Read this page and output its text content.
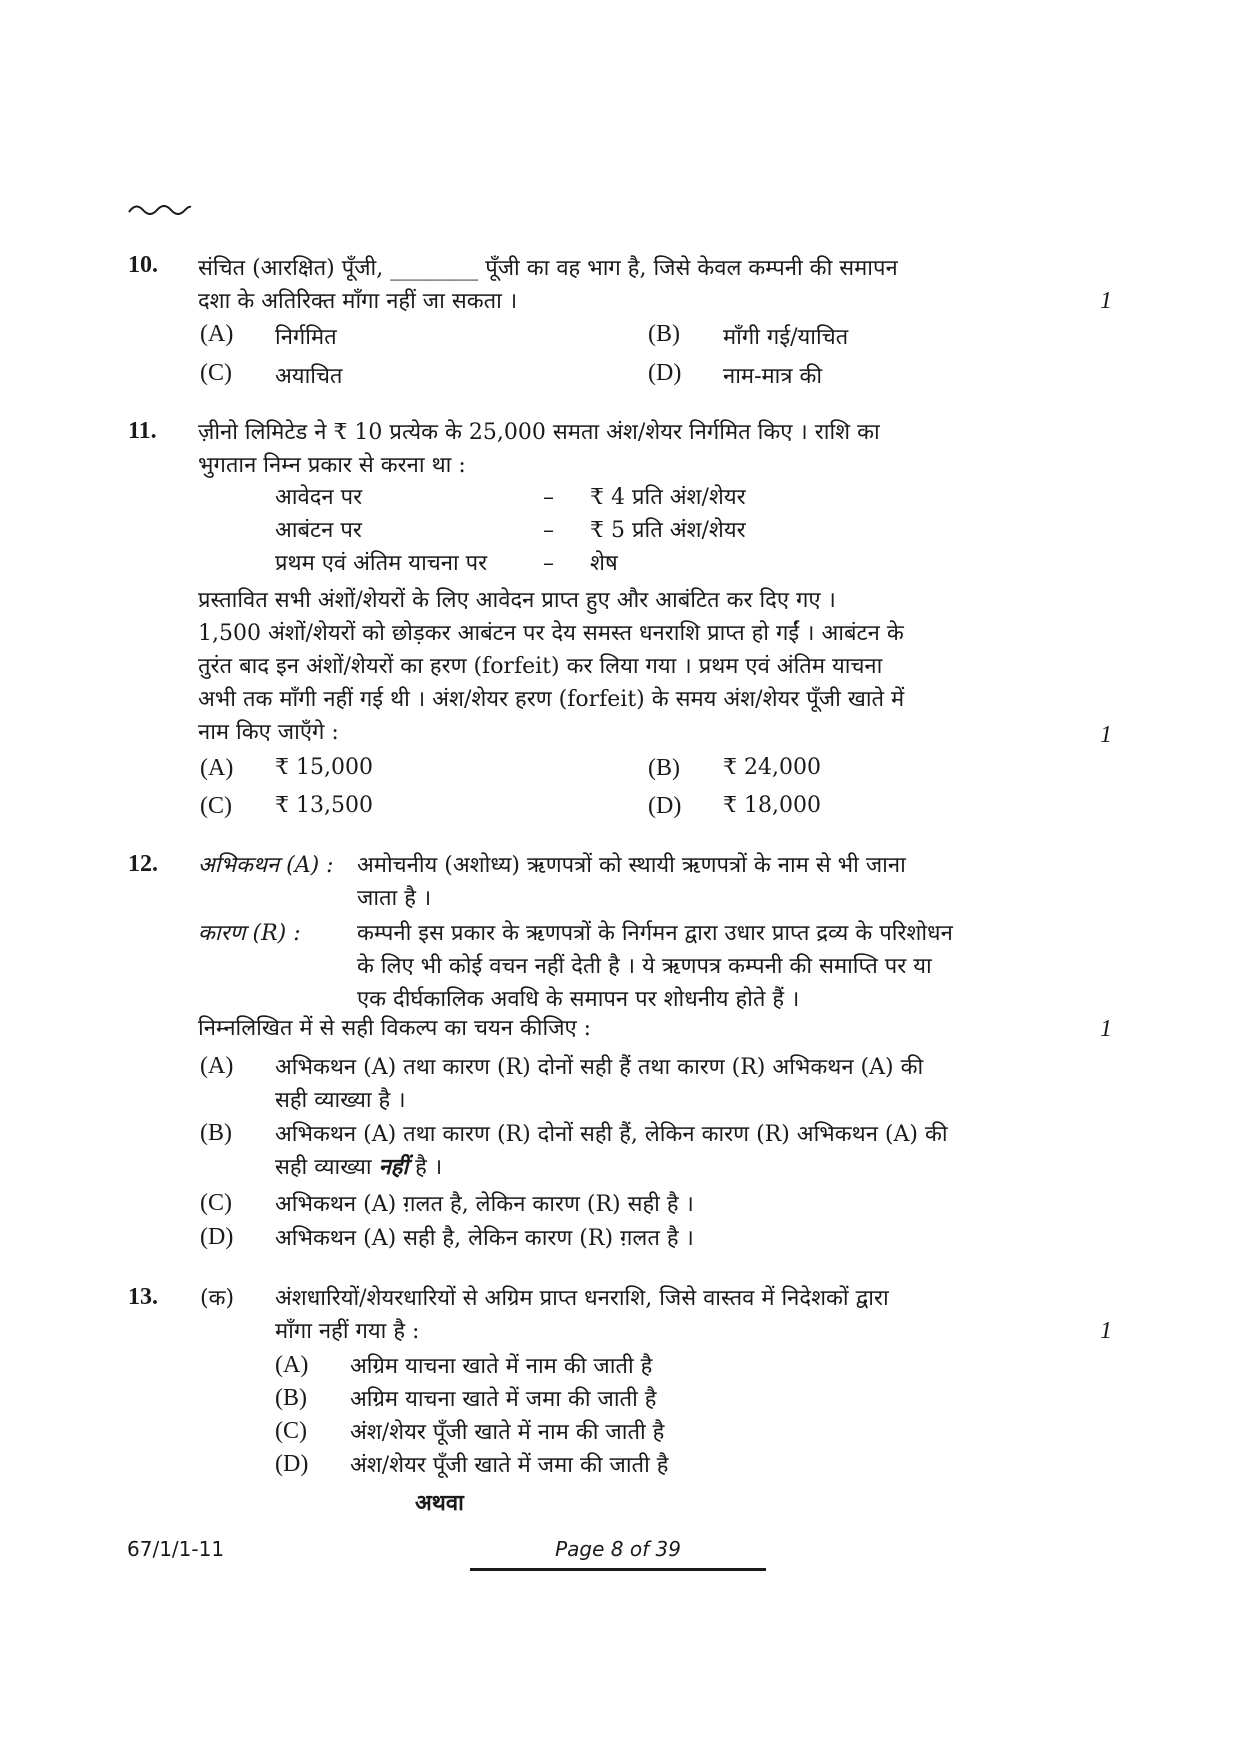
10. संचित (आरक्षित) पूँजी, ________ पूँजी का वह भाग है, जिसे केवल कम्पनी की समापन
दशा के अतिरिक्त माँगा नहीं जा सकता ।	1
(A) निर्गमित	(B) माँगी गई/याचित
(C) अयाचित	(D) नाम-मात्र की
11. ज़ीनो लिमिटेड ने ₹ 10 प्रत्येक के 25,000 समता अंश/शेयर निर्गमित किए । राशि का
भुगतान निम्न प्रकार से करना था :
आवेदन पर	– ₹ 4 प्रति अंश/शेयर
आबंटन पर	– ₹ 5 प्रति अंश/शेयर
प्रथम एवं अंतिम याचना पर	– शेष
प्रस्तावित सभी अंशों/शेयरों के लिए आवेदन प्राप्त हुए और आबंटित कर दिए गए ।
1,500 अंशों/शेयरों को छोड़कर आबंटन पर देय समस्त धनराशि प्राप्त हो गईं । आबंटन के
तुरंत बाद इन अंशों/शेयरों का हरण (forfeit) कर लिया गया । प्रथम एवं अंतिम याचना
अभी तक माँगी नहीं गई थी । अंश/शेयर हरण (forfeit) के समय अंश/शेयर पूँजी खाते में
नाम किए जाएँगे :	1
(A) ₹ 15,000	(B) ₹ 24,000
(C) ₹ 13,500	(D) ₹ 18,000
12. अभिकथन (A) : अमोचनीय (अशोध्य) ऋणपत्रों को स्थायी ऋणपत्रों के नाम से भी जाना
जाता है ।
कारण (R) :	कम्पनी इस प्रकार के ऋणपत्रों के निर्गमन द्वारा उधार प्राप्त द्रव्य के परिशोधन
के लिए भी कोई वचन नहीं देती है । ये ऋणपत्र कम्पनी की समाप्ति पर या
एक दीर्घकालिक अवधि के समापन पर शोधनीय होते हैं ।
निम्नलिखित में से सही विकल्प का चयन कीजिए :	1
(A) अभिकथन (A) तथा कारण (R) दोनों सही हैं तथा कारण (R) अभिकथन (A) की
सही व्याख्या है ।
(B) अभिकथन (A) तथा कारण (R) दोनों सही हैं, लेकिन कारण (R) अभिकथन (A) की
सही व्याख्या नहीं है ।
(C) अभिकथन (A) ग़लत है, लेकिन कारण (R) सही है ।
(D) अभिकथन (A) सही है, लेकिन कारण (R) ग़लत है ।
13. (क) अंशधारियों/शेयरधारियों से अग्रिम प्राप्त धनराशि, जिसे वास्तव में निदेशकों द्वारा
माँगा नहीं गया है :	1
(A) अग्रिम याचना खाते में नाम की जाती है
(B) अग्रिम याचना खाते में जमा की जाती है
(C) अंश/शेयर पूँजी खाते में नाम की जाती है
(D) अंश/शेयर पूँजी खाते में जमा की जाती है
अथवा
67/1/1-11	Page 8 of 39
